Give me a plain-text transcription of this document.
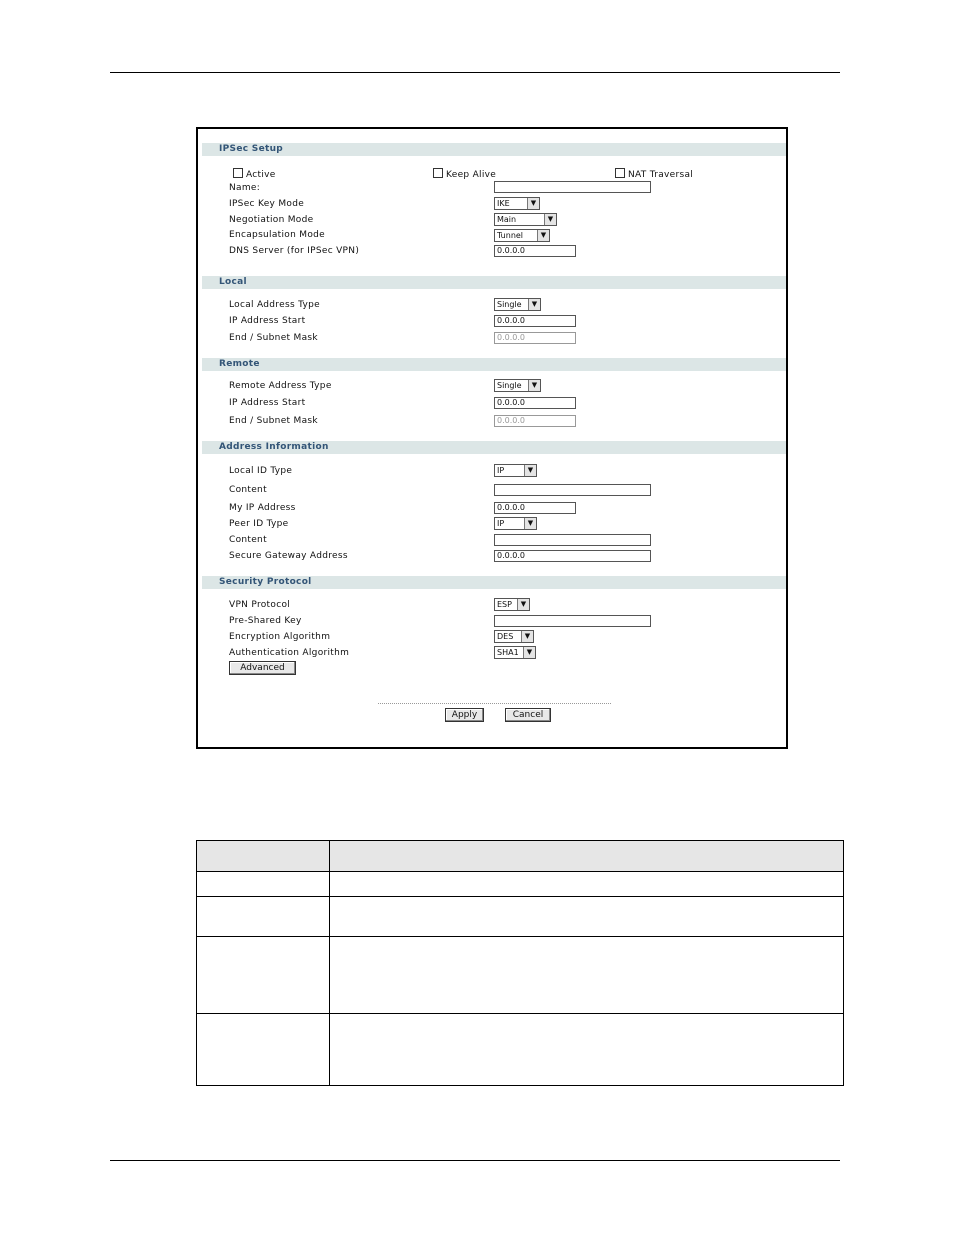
IPSec Setup
Active	Keep Alive	NAT Traversal
Name:
IPSec Key Mode	IKE	▼
Negotiation Mode	Main	▼
Encapsulation Mode	Tunnel	▼
DNS Server (for IPSec VPN)	0.0.0.0
Local
Local Address Type	Single	▼
IP Address Start	0.0.0.0
End / Subnet Mask	0.0.0.0
Remote
Remote Address Type	Single	▼
IP Address Start	0.0.0.0
End / Subnet Mask	0.0.0.0
Address Information
Local ID Type	IP	▼
Content
My IP Address	0.0.0.0
Peer ID Type	IP	▼
Content
Secure Gateway Address	0.0.0.0
Security Protocol
VPN Protocol	ESP	▼
Pre-Shared Key
Encryption Algorithm	DES	▼
Authentication Algorithm	SHA1	▼
Advanced
Apply	Cancel
